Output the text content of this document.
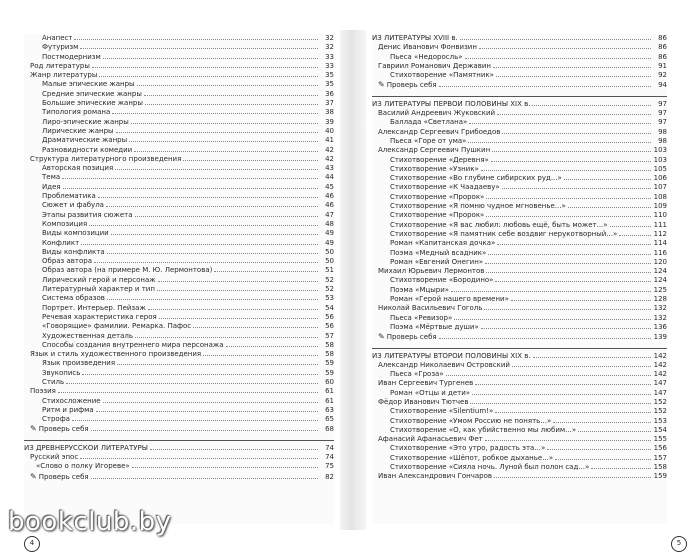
Анапест	32
Футуризм	32
Постмодернизм	33
Род литературы	33
Жанр литературы	35
Малые эпические жанры	35
Средние эпические жанры	36
Большие эпические жанры	37
Типология романа	38
Лиро-эпические жанры	39
Лирические жанры	40
Драматические жанры	41
Разновидности комедии	42
Структура литературного произведения	42
Авторская позиция	43
Тема	44
Идея	45
Проблематика	46
Сюжет и фабула	46
Этапы развития сюжета	47
Композиция	48
Виды композиции	49
Конфликт	49
Виды конфликта	50
Образ автора	50
Образ автора (на примере М. Ю. Лермонтова)	51
Лирический герой и персонаж	52
Литературный характер и тип	52
Система образов	53
Портрет. Интерьер. Пейзаж	54
Речевая характеристика героя	56
«Говорящие» фамилии. Ремарка. Пафос	56
Художественная деталь	57
Способы создания внутреннего мира персонажа	58
Язык и стиль художественного произведения	58
Язык произведения	59
Звукопись	59
Стиль	60
Поэзия	61
Стихосложение	61
Ритм и рифма	63
Строфа	65
✎ Проверь себя	68
ИЗ ДРЕВНЕРУССКОЙ ЛИТЕРАТУРЫ	74
Русский эпос	74
«Слово о полку Игореве»	75
✎ Проверь себя	82
4
ИЗ ЛИТЕРАТУРЫ XVIII в.	86
Денис Иванович Фонвизин	86
Пьеса «Недоросль»	86
Гавриил Романович Державин	91
Стихотворение «Памятник»	92
✎ Проверь себя	94
ИЗ ЛИТЕРАТУРЫ ПЕРВОЙ ПОЛОВИНЫ XIX в.	97
Василий Андреевич Жуковский	97
Баллада «Светлана»	97
Александр Сергеевич Грибоедов	98
Пьеса «Горе от ума»	98
Александр Сергеевич Пушкин	103
Стихотворение «Деревня»	103
Стихотворение «Узник»	105
Стихотворение «Во глубине сибирских руд...»	106
Стихотворение «К Чаадаеву»	107
Стихотворение «Пророк»	108
Стихотворение «Я помню чудное мгновенье...»	109
Стихотворение «Пророк»	110
Стихотворение «Я вас любил: любовь ещё, быть может...»	111
Стихотворение «Я памятник себе воздвиг нерукотворный...»	112
Роман «Капитанская дочка»	114
Поэма «Медный всадник»	116
Роман «Евгений Онегин»	120
Михаил Юрьевич Лермонтов	124
Стихотворение «Бородино»	124
Поэма «Мцыри»	125
Роман «Герой нашего времени»	128
Николай Васильевич Гоголь	132
Пьеса «Ревизор»	132
Поэма «Мёртвые души»	136
✎ Проверь себя	139
ИЗ ЛИТЕРАТУРЫ ВТОРОЙ ПОЛОВИНЫ XIX в.	142
Александр Николаевич Островский	142
Пьеса «Гроза»	142
Иван Сергеевич Тургенев	147
Роман «Отцы и дети»	147
Фёдор Иванович Тютчев	152
Стихотворение «Silentium!»	152
Стихотворение «Умом Россию не понять...»	153
Стихотворение «О, как убийственно мы любим...»	154
Афанасий Афанасьевич Фет	155
Стихотворение «Это утро, радость эта...»	156
Стихотворение «Шёпот, робкое дыханье...»	157
Стихотворение «Сияла ночь. Луной был полон сад...»	158
Иван Александрович Гончаров	159
5
bookclub.by
